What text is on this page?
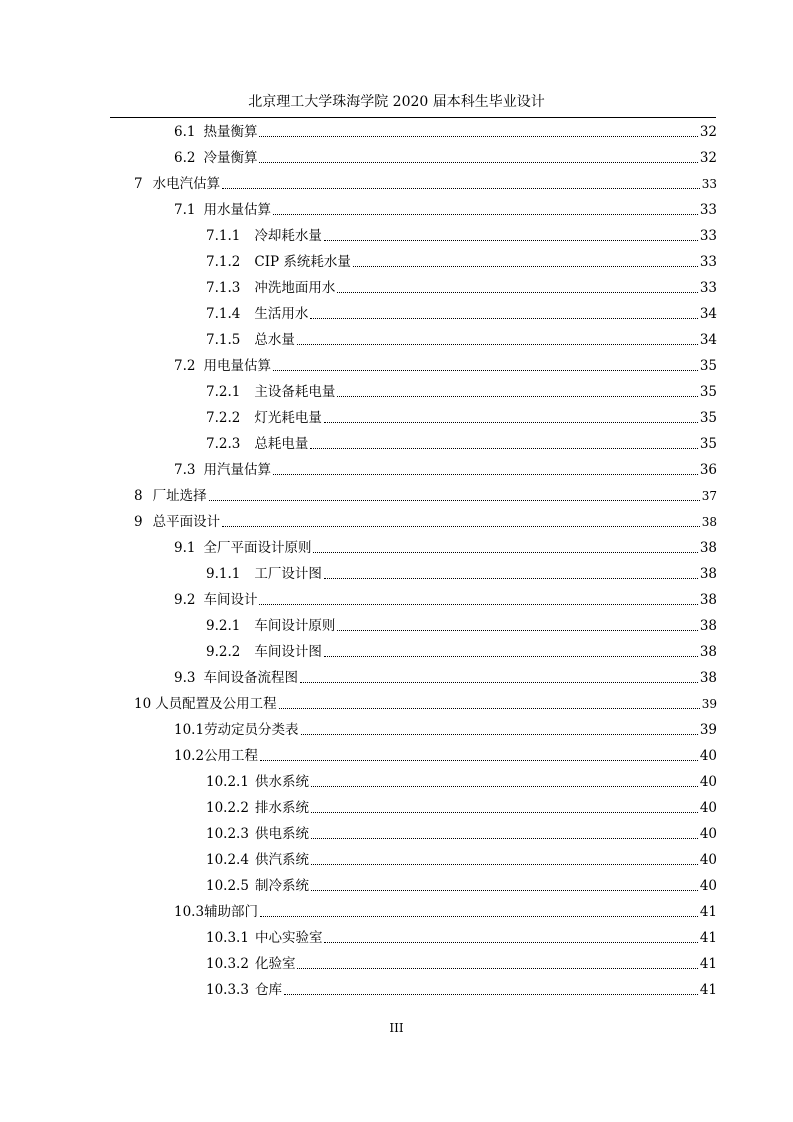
北京理工大学珠海学院 2020 届本科生毕业设计
6.1 热量衡算	32
6.2 冷量衡算	32
7 水电汽估算	33
7.1 用水量估算	33
7.1.1 冷却耗水量	33
7.1.2 CIP 系统耗水量	33
7.1.3 冲洗地面用水	33
7.1.4 生活用水	34
7.1.5 总水量	34
7.2 用电量估算	35
7.2.1 主设备耗电量	35
7.2.2 灯光耗电量	35
7.2.3 总耗电量	35
7.3 用汽量估算	36
8 厂址选择	37
9 总平面设计	38
9.1 全厂平面设计原则	38
9.1.1 工厂设计图	38
9.2 车间设计	38
9.2.1 车间设计原则	38
9.2.2 车间设计图	38
9.3 车间设备流程图	38
10 人员配置及公用工程	39
10.1 劳动定员分类表	39
10.2 公用工程	40
10.2.1 供水系统	40
10.2.2 排水系统	40
10.2.3 供电系统	40
10.2.4 供汽系统	40
10.2.5 制冷系统	40
10.3 辅助部门	41
10.3.1 中心实验室	41
10.3.2 化验室	41
10.3.3 仓库	41
III
